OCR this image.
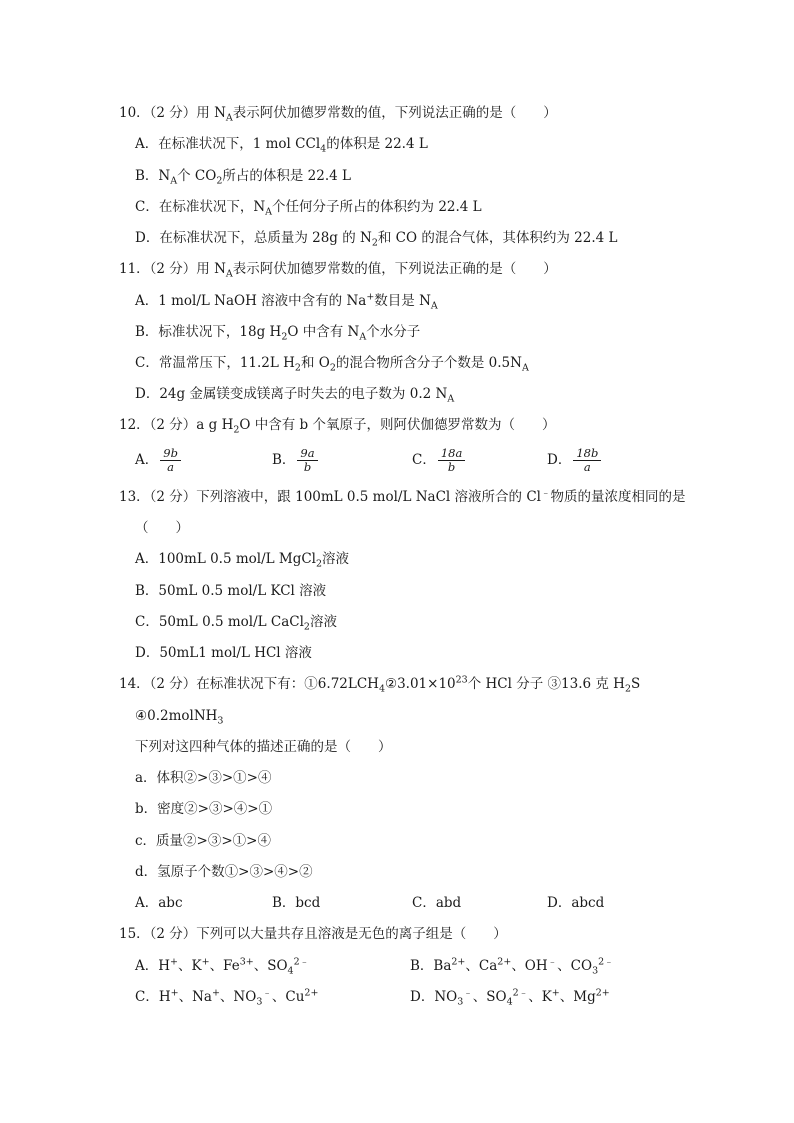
10．（2 分）用 $N_A$表示阿伏加德罗常数的值，下列说法正确的是（　　）
A．在标准状况下，1 mol CCl$_4$的体积是 22.4 L
B．$N_A$个 $CO_2$所占的体积是 22.4 L
C．在标准状况下，$N_A$个任何分子所占的体积约为 22.4 L
D．在标准状况下，总质量为 28g 的 $N_2$和 CO 的混合气体，其体积约为 22.4 L
11．（2 分）用 $N_A$表示阿伏加德罗常数的值，下列说法正确的是（　　）
A．1 mol/L NaOH 溶液中含有的 Na+数目是 $N_A$
B．标准状况下，18g $H_2O$ 中含有 $N_A$个水分子
C．常温常压下，11.2L $H_2$和 $O_2$的混合物所含分子个数是 $0.5N_A$
D．24g 金属镁变成镁离子时失去的电子数为 0.2 $N_A$
12．（2 分）a g $H_2O$ 中含有 b 个氧原子，则阿伏伽德罗常数为（　　）
A． $\frac{9b}{a}$	B． $\frac{9a}{b}$	C． $\frac{18a}{b}$	D． $\frac{18b}{a}$
13．（2 分）下列溶液中，跟 100mL 0.5 mol/L NaCl 溶液所合的 Cl﹣物质的量浓度相同的是
（　　）
A．100mL 0.5 mol/L MgCl$_2$溶液
B．50mL 0.5 mol/L KCl 溶液
C．50mL 0.5 mol/L CaCl$_2$溶液
D．50mL1 mol/L HCl 溶液
14．（2 分）在标准状况下有：$①6.72LCH_4②3.01\times 10^{23}$个 HCl 分子 ③13.6 克 $H_2S$
④0.2molNH$_3$
下列对这四种气体的描述正确的是（　　）
a．体积②>③>①>④
b．密度②>③>④>①
c．质量②>③>①>④
d．氢原子个数①>③>④>②
A．abc	B．bcd	C．abd	D．abcd
15．（2 分）下列可以大量共存且溶液是无色的离子组是（　　）
A．H+、K+、$Fe^{3+}$、$SO_4^{2﹣}$	B．$Ba^{2+}$、$Ca^{2+}$、OH﹣、$CO_3^{2﹣}$
C．H+、Na+、$NO_3^﹣$、$Cu^{2+}$	D．$NO_3^﹣$、$SO_4^{2﹣}$、K+、$Mg^{2+}$
